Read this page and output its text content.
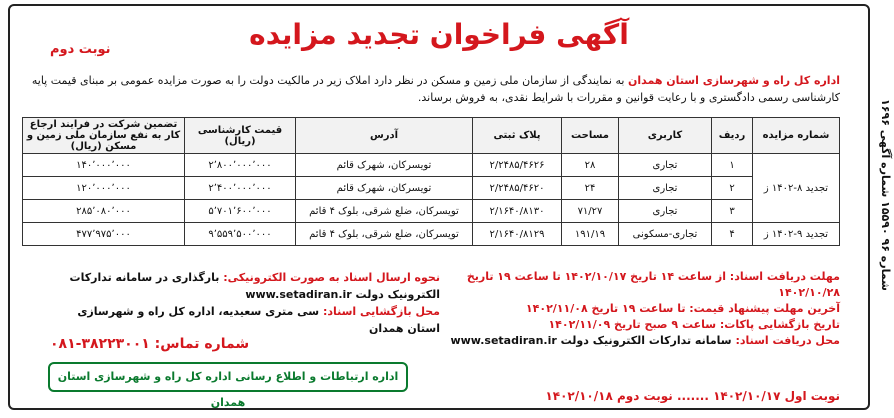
شماره ۹۶ ۱۵۵۹۰ شماره آگهی ۱۶۹۶
آگهی فراخوان تجدید مزایده
نوبت دوم
اداره کل راه و شهرسازی استان همدان به نمایندگی از سازمان ملی زمین و مسکن در نظر دارد املاک زیر در مالکیت دولت را به صورت مزایده عمومی بر مبنای قیمت پایه کارشناسی رسمی دادگستری و با رعایت قوانین و مقررات با شرایط نقدی، به فروش برساند.
شماره مزایده	ردیف	کاربری	مساحت	پلاک ثبتی	آدرس	قیمت کارشناسی (ریال)	تضمین شرکت در فرایند ارجاع کار به نفع سازمان ملی زمین و مسکن (ریال)
تجدید ۸-۱۴۰۲ ز	۱	تجاری	۲۸	۲/۲۴۸۵/۴۶۲۶	تویسرکان، شهرک قائم	۲٬۸۰۰٬۰۰۰٬۰۰۰	۱۴۰٬۰۰۰٬۰۰۰
	۲	تجاری	۲۴	۲/۲۴۸۵/۴۶۲۰	تویسرکان، شهرک قائم	۲٬۴۰۰٬۰۰۰٬۰۰۰	۱۲۰٬۰۰۰٬۰۰۰
	۳	تجاری	۷۱/۲۷	۲/۱۶۴۰/۸۱۳۰	تویسرکان، ضلع شرقی، بلوک ۴ قائم	۵٬۷۰۱٬۶۰۰٬۰۰۰	۲۸۵٬۰۸۰٬۰۰۰
تجدید ۹-۱۴۰۲ ز	۴	تجاری-مسکونی	۱۹۱/۱۹	۲/۱۶۴۰/۸۱۲۹	تویسرکان، ضلع شرقی، بلوک ۴ قائم	۹٬۵۵۹٬۵۰۰٬۰۰۰	۴۷۷٬۹۷۵٬۰۰۰
مهلت دریافت اسناد: از ساعت ۱۴ تاریخ ۱۴۰۲/۱۰/۱۷ تا ساعت ۱۹ تاریخ ۱۴۰۲/۱۰/۲۸
آخرین مهلت پیشنهاد قیمت: تا ساعت ۱۹ تاریخ ۱۴۰۲/۱۱/۰۸
تاریخ بازگشایی پاکات: ساعت ۹ صبح تاریخ ۱۴۰۲/۱۱/۰۹
محل دریافت اسناد: سامانه تدارکات الکترونیک دولت www.setadiran.ir
نحوه ارسال اسناد به صورت الکترونیکی: بارگذاری در سامانه تدارکات الکترونیک دولت www.setadiran.ir
محل بازگشایی اسناد: سی متری سعیدیه، اداره کل راه و شهرسازی استان همدان
شماره تماس: ۳۸۲۲۳۰۰۱-۰۸۱
اداره ارتباطات و اطلاع رسانی اداره کل راه و شهرسازی استان همدان	نوبت اول ۱۴۰۲/۱۰/۱۷ ....... نوبت دوم ۱۴۰۲/۱۰/۱۸
